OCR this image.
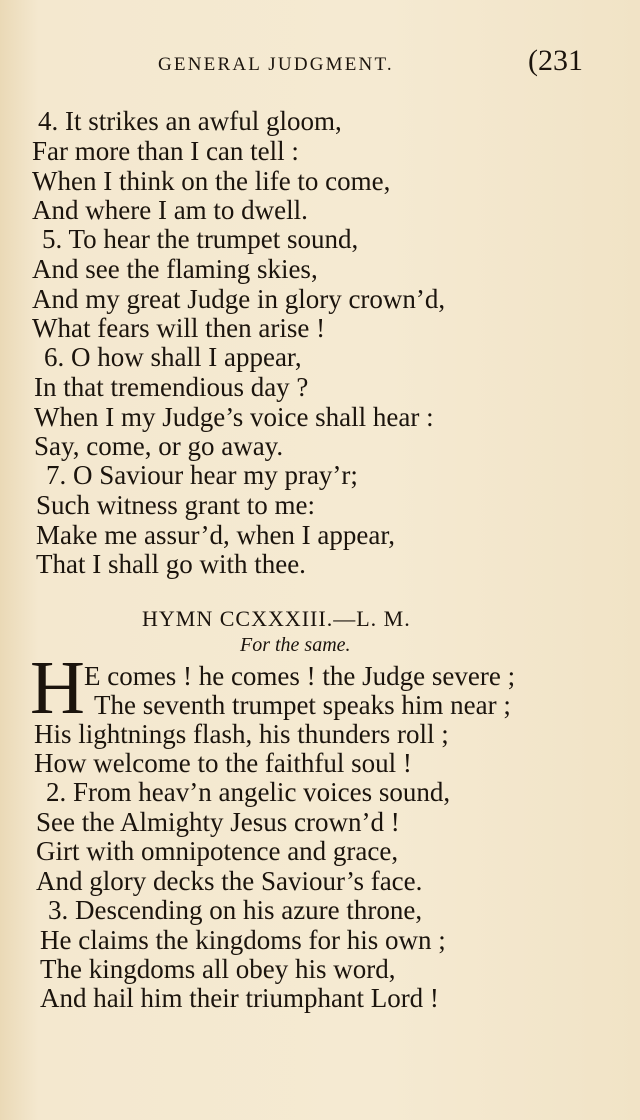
GENERAL JUDGMENT.	(231
4. It strikes an awful gloom,
Far more than I can tell :
When I think on the life to come,
And where I am to dwell.
5. To hear the trumpet sound,
And see the flaming skies,
And my great Judge in glory crown’d,
What fears will then arise !
6. O how shall I appear,
In that tremendious day ?
When I my Judge’s voice shall hear :
Say, come, or go away.
7. O Saviour hear my pray’r;
Such witness grant to me:
Make me assur’d, when I appear,
That I shall go with thee.
HYMN CCXXXIII.—L. M.
For the same.
H E comes ! he comes ! the Judge severe ;
The seventh trumpet speaks him near ;
His lightnings flash, his thunders roll ;
How welcome to the faithful soul !
2. From heav’n angelic voices sound,
See the Almighty Jesus crown’d !
Girt with omnipotence and grace,
And glory decks the Saviour’s face.
3. Descending on his azure throne,
He claims the kingdoms for his own ;
The kingdoms all obey his word,
And hail him their triumphant Lord !
